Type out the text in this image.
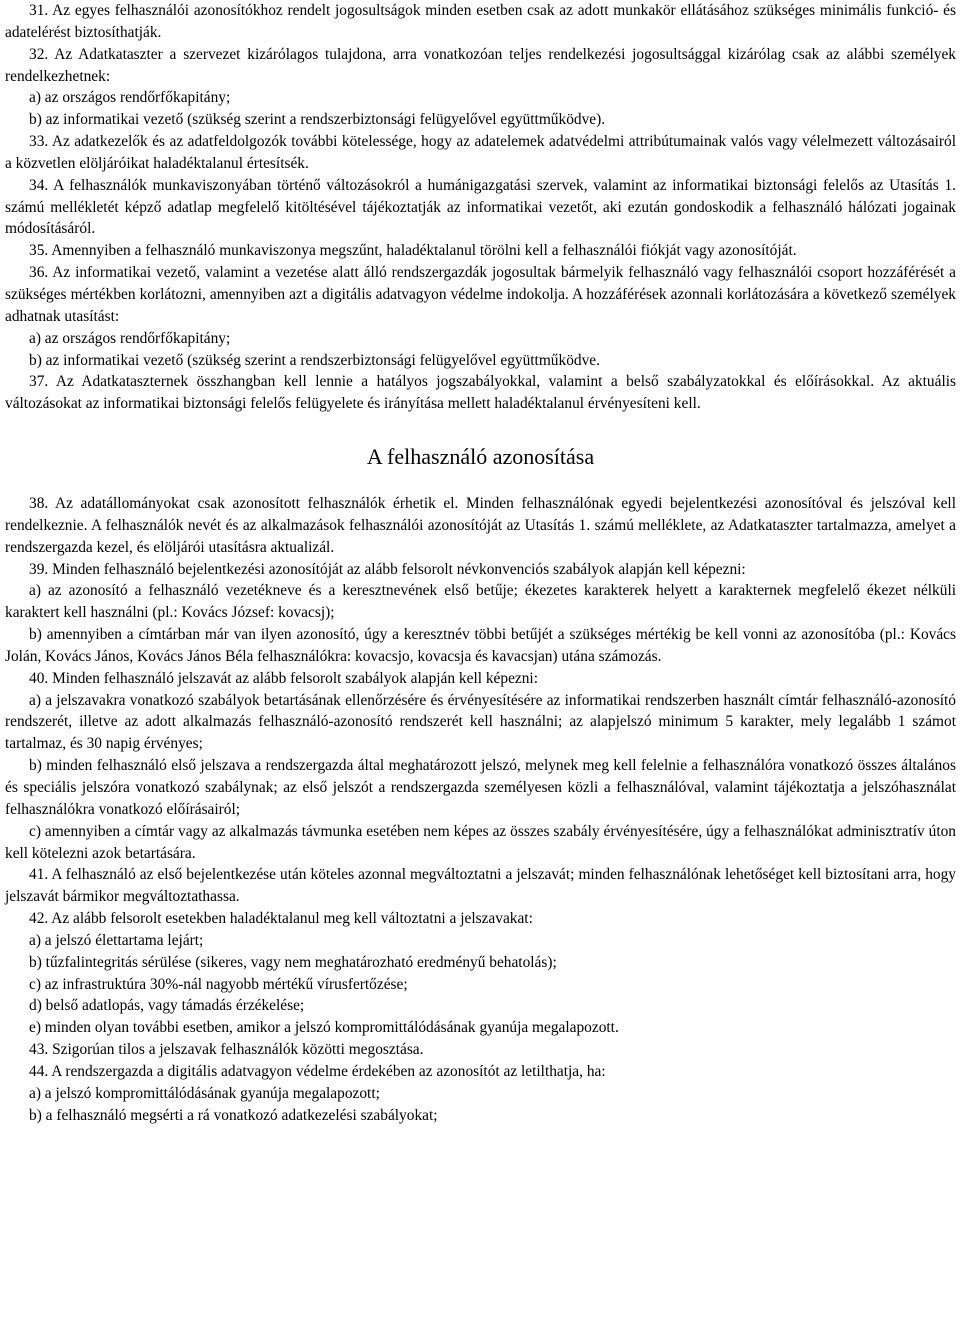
31. Az egyes felhasználói azonosítókhoz rendelt jogosultságok minden esetben csak az adott munkakör ellátásához szükséges minimális funkció- és adatelérést biztosíthatják.

32. Az Adatkataszter a szervezet kizárólagos tulajdona, arra vonatkozóan teljes rendelkezési jogosultsággal kizárólag csak az alábbi személyek rendelkezhetnek:

a) az országos rendőrfőkapitány;

b) az informatikai vezető (szükség szerint a rendszerbiztonsági felügyelővel együttműködve).

33. Az adatkezelők és az adatfeldolgozók további kötelessége, hogy az adatelemek adatvédelmi attribútumainak valós vagy vélelmezett változásairól a közvetlen elöljáróikat haladéktalanul értesítsék.

34. A felhasználók munkaviszonyában történő változásokról a humánigazgatási szervek, valamint az informatikai biztonsági felelős az Utasítás 1. számú mellékletét képző adatlap megfelelő kitöltésével tájékoztatják az informatikai vezetőt, aki ezután gondoskodik a felhasználó hálózati jogainak módosításáról.

35. Amennyiben a felhasználó munkaviszonya megszűnt, haladéktalanul törölni kell a felhasználói fiókját vagy azonosítóját.

36. Az informatikai vezető, valamint a vezetése alatt álló rendszergazdák jogosultak bármelyik felhasználó vagy felhasználói csoport hozzáférését a szükséges mértékben korlátozni, amennyiben azt a digitális adatvagyon védelme indokolja. A hozzáférések azonnali korlátozására a következő személyek adhatnak utasítást:

a) az országos rendőrfőkapitány;

b) az informatikai vezető (szükség szerint a rendszerbiztonsági felügyelővel együttműködve.

37. Az Adatkataszternek összhangban kell lennie a hatályos jogszabályokkal, valamint a belső szabályzatokkal és előírásokkal. Az aktuális változásokat az informatikai biztonsági felelős felügyelete és irányítása mellett haladéktalanul érvényesíteni kell.

A felhasználó azonosítása

38. Az adatállományokat csak azonosított felhasználók érhetik el. Minden felhasználónak egyedi bejelentkezési azonosítóval és jelszóval kell rendelkeznie. A felhasználók nevét és az alkalmazások felhasználói azonosítóját az Utasítás 1. számú melléklete, az Adatkataszter tartalmazza, amelyet a rendszergazda kezel, és elöljárói utasításra aktualizál.

39. Minden felhasználó bejelentkezési azonosítóját az alább felsorolt névkonvenciós szabályok alapján kell képezni:

a) az azonosító a felhasználó vezetékneve és a keresztnevének első betűje; ékezetes karakterek helyett a karakternek megfelelő ékezet nélküli karaktert kell használni (pl.: Kovács József: kovacsj);

b) amennyiben a címtárban már van ilyen azonosító, úgy a keresztnév többi betűjét a szükséges mértékig be kell vonni az azonosítóba (pl.: Kovács Jolán, Kovács János, Kovács János Béla felhasználókra: kovacsjo, kovacsja és kavacsjan) utána számozás.

40. Minden felhasználó jelszavát az alább felsorolt szabályok alapján kell képezni:

a) a jelszavakra vonatkozó szabályok betartásának ellenőrzésére és érvényesítésére az informatikai rendszerben használt címtár felhasználó-azonosító rendszerét, illetve az adott alkalmazás felhasználó-azonosító rendszerét kell használni; az alapjelszó minimum 5 karakter, mely legalább 1 számot tartalmaz, és 30 napig érvényes;

b) minden felhasználó első jelszava a rendszergazda által meghatározott jelszó, melynek meg kell felelnie a felhasználóra vonatkozó összes általános és speciális jelszóra vonatkozó szabálynak; az első jelszót a rendszergazda személyesen közli a felhasználóval, valamint tájékoztatja a jelszóhasználat felhasználókra vonatkozó előírásairól;

c) amennyiben a címtár vagy az alkalmazás távmunka esetében nem képes az összes szabály érvényesítésére, úgy a felhasználókat adminisztratív úton kell kötelezni azok betartására.

41. A felhasználó az első bejelentkezése után köteles azonnal megváltoztatni a jelszavát; minden felhasználónak lehetőséget kell biztosítani arra, hogy jelszavát bármikor megváltoztathassa.

42. Az alább felsorolt esetekben haladéktalanul meg kell változtatni a jelszavakat:

a) a jelszó élettartama lejárt;

b) tűzfalintegritás sérülése (sikeres, vagy nem meghatározható eredményű behatolás);

c) az infrastruktúra 30%-nál nagyobb mértékű vírusfertőzése;

d) belső adatlopás, vagy támadás érzékelése;

e) minden olyan további esetben, amikor a jelszó kompromittálódásának gyanúja megalapozott.

43. Szigorúan tilos a jelszavak felhasználók közötti megosztása.

44. A rendszergazda a digitális adatvagyon védelme érdekében az azonosítót az letilthatja, ha:

a) a jelszó kompromittálódásának gyanúja megalapozott;

b) a felhasználó megsérti a rá vonatkozó adatkezelési szabályokat;
